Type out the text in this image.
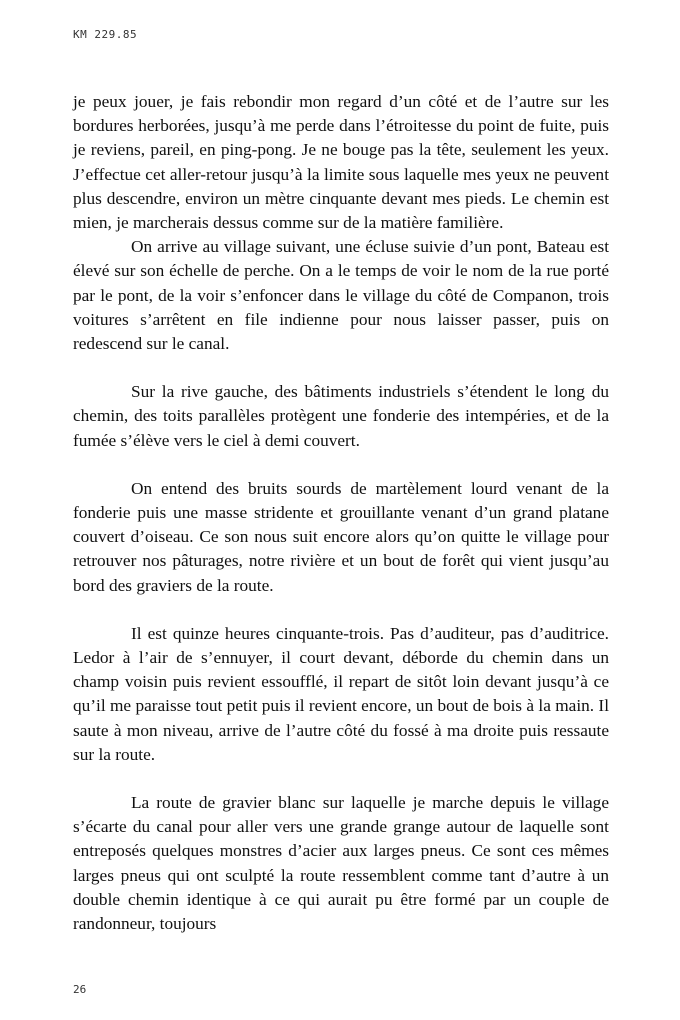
KM 229.85

je peux jouer, je fais rebondir mon regard d’un côté et de l’autre sur les bordures herborées, jusqu’à me perde dans l’étroitesse du point de fuite, puis je reviens, pareil, en ping-pong. Je ne bouge pas la tête, seulement les yeux. J’effectue cet aller-retour jusqu’à la limite sous laquelle mes yeux ne peuvent plus descendre, environ un mètre cinquante devant mes pieds. Le chemin est mien, je marcherais dessus comme sur de la matière familière.

On arrive au village suivant, une écluse suivie d’un pont, Bateau est élevé sur son échelle de perche. On a le temps de voir le nom de la rue porté par le pont, de la voir s’enfoncer dans le village du côté de Companon, trois voitures s’arrêtent en file indienne pour nous laisser passer, puis on redescend sur le canal.

Sur la rive gauche, des bâtiments industriels s’étendent le long du chemin, des toits parallèles protègent une fonderie des intempéries, et de la fumée s’élève vers le ciel à demi couvert.

On entend des bruits sourds de martèlement lourd venant de la fonderie puis une masse stridente et grouillante venant d’un grand platane couvert d’oiseau. Ce son nous suit encore alors qu’on quitte le village pour retrouver nos pâturages, notre rivière et un bout de forêt qui vient jusqu’au bord des graviers de la route.

Il est quinze heures cinquante-trois. Pas d’auditeur, pas d’auditrice. Ledor à l’air de s’ennuyer, il court devant, déborde du chemin dans un champ voisin puis revient essoufflé, il repart de sitôt loin devant jusqu’à ce qu’il me paraisse tout petit puis il revient encore, un bout de bois à la main. Il saute à mon niveau, arrive de l’autre côté du fossé à ma droite puis ressaute sur la route.

La route de gravier blanc sur laquelle je marche depuis le village s’écarte du canal pour aller vers une grande grange autour de laquelle sont entreposés quelques monstres d’acier aux larges pneus. Ce sont ces mêmes larges pneus qui ont sculpté la route ressemblent comme tant d’autre à un double chemin identique à ce qui aurait pu être formé par un couple de randonneur, toujours

26
